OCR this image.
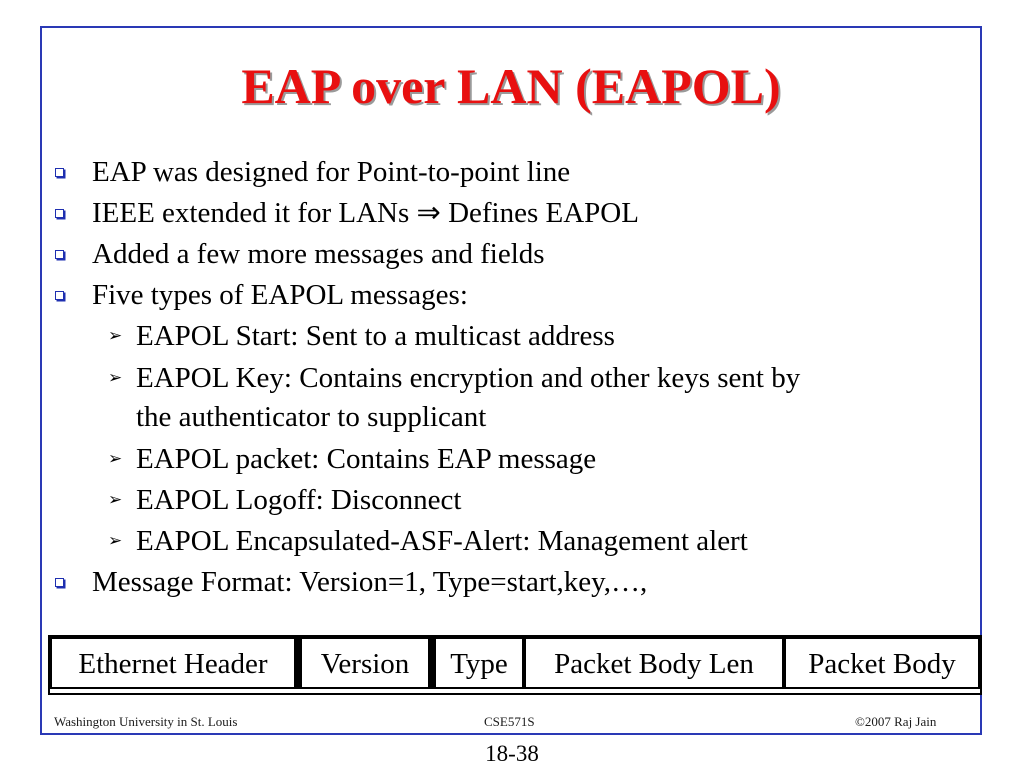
EAP over LAN (EAPOL)
EAP was designed for Point-to-point line
IEEE extended it for LANs ⇒ Defines EAPOL
Added a few more messages and fields
Five types of EAPOL messages:
➢ EAPOL Start: Sent to a multicast address
➢ EAPOL Key: Contains encryption and other keys sent by
the authenticator to supplicant
➢ EAPOL packet: Contains EAP message
➢ EAPOL Logoff: Disconnect
➢ EAPOL Encapsulated-ASF-Alert: Management alert
Message Format: Version=1, Type=start,key,…,
Ethernet Header	Version	Type	Packet Body Len	Packet Body
Washington University in St. Louis	CSE571S	©2007 Raj Jain
18-38
